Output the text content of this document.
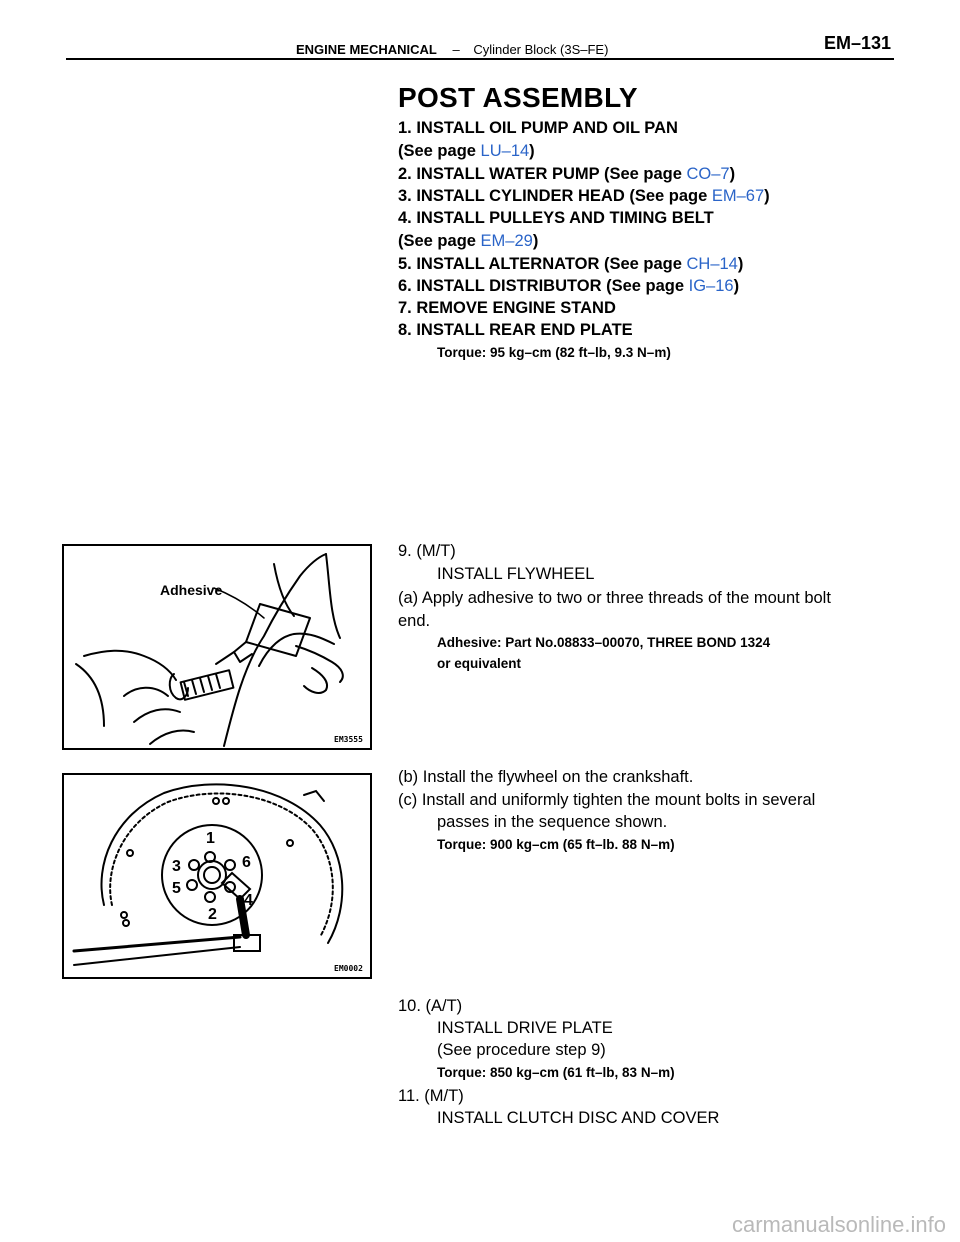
ENGINE MECHANICAL – Cylinder Block (3S–FE)	EM–131
POST ASSEMBLY
1. INSTALL OIL PUMP AND OIL PAN
(See page LU–14)
2. INSTALL WATER PUMP (See page CO–7)
3. INSTALL CYLINDER HEAD (See page EM–67)
4. INSTALL PULLEYS AND TIMING BELT
(See page EM–29)
5. INSTALL ALTERNATOR (See page CH–14)
6. INSTALL DISTRIBUTOR (See page IG–16)
7. REMOVE ENGINE STAND
8. INSTALL REAR END PLATE
Torque: 95 kg–cm (82 ft–lb, 9.3 N–m)
9. (M/T)
INSTALL FLYWHEEL
(a) Apply adhesive to two or three threads of the mount bolt
end.
Adhesive: Part No.08833–00070, THREE BOND 1324
or equivalent
(b) Install the flywheel on the crankshaft.
(c) Install and uniformly tighten the mount bolts in several
passes in the sequence shown.
Torque: 900 kg–cm (65 ft–lb. 88 N–m)
10. (A/T)
INSTALL DRIVE PLATE
(See procedure step 9)
Torque: 850 kg–cm (61 ft–lb, 83 N–m)
11. (M/T)
INSTALL CLUTCH DISC AND COVER
Adhesive
EM3555
1
2
3
4
5
6
EM0002
carmanualsonline.info
